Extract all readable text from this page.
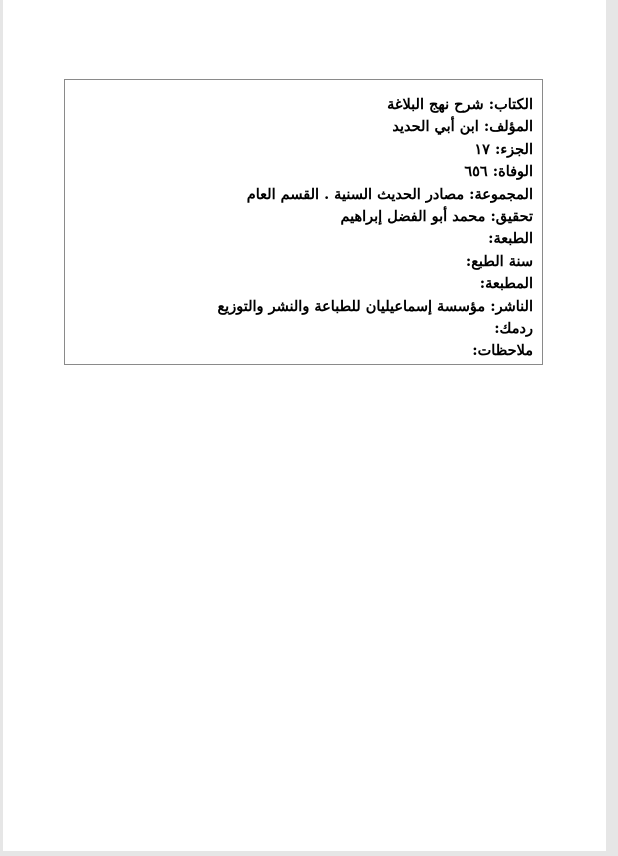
الكتاب: شرح نهج البلاغة
المؤلف: ابن أبي الحديد
الجزء: ١٧
الوفاة: ٦٥٦
المجموعة: مصادر الحديث السنية . القسم العام
تحقيق: محمد أبو الفضل إبراهيم
الطبعة:
سنة الطبع:
المطبعة:
الناشر: مؤسسة إسماعيليان للطباعة والنشر والتوزيع
ردمك:
ملاحظات:
